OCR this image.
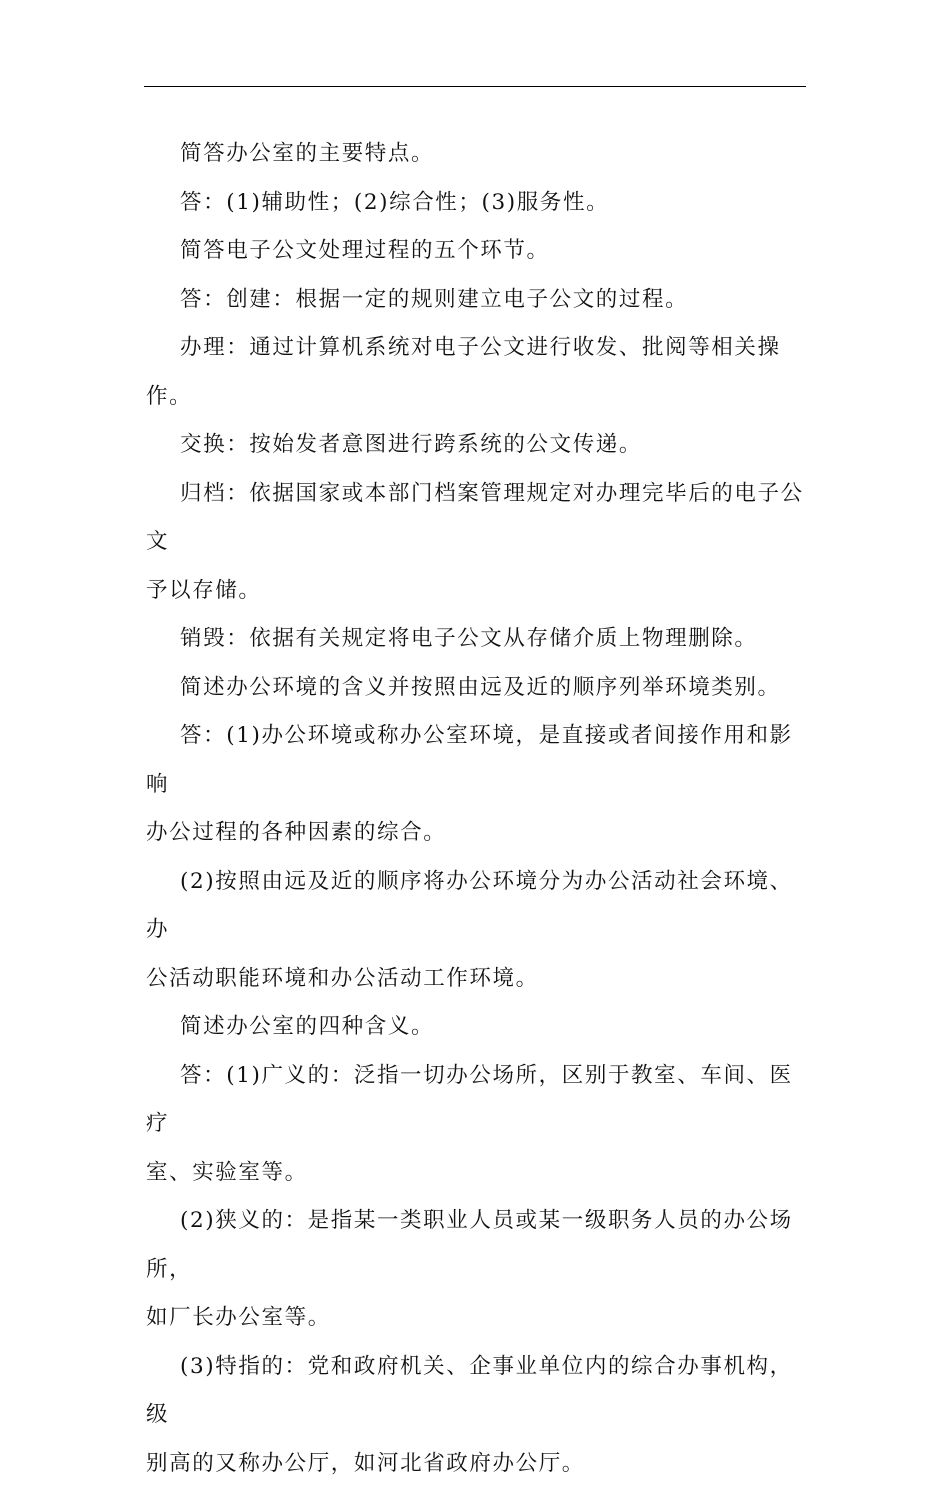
简答办公室的主要特点。

答：(1)辅助性；(2)综合性；(3)服务性。

简答电子公文处理过程的五个环节。

答：创建：根据一定的规则建立电子公文的过程。

办理：通过计算机系统对电子公文进行收发、批阅等相关操作。

交换：按始发者意图进行跨系统的公文传递。

归档：依据国家或本部门档案管理规定对办理完毕后的电子公文
予以存储。

销毁：依据有关规定将电子公文从存储介质上物理删除。

简述办公环境的含义并按照由远及近的顺序列举环境类别。

答：(1)办公环境或称办公室环境，是直接或者间接作用和影响
办公过程的各种因素的综合。

(2)按照由远及近的顺序将办公环境分为办公活动社会环境、办
公活动职能环境和办公活动工作环境。

简述办公室的四种含义。

答：(1)广义的：泛指一切办公场所，区别于教室、车间、医疗
室、实验室等。

(2)狭义的：是指某一类职业人员或某一级职务人员的办公场所，
如厂长办公室等。

(3)特指的：党和政府机关、企事业单位内的综合办事机构，级
别高的又称办公厅，如河北省政府办公厅。
